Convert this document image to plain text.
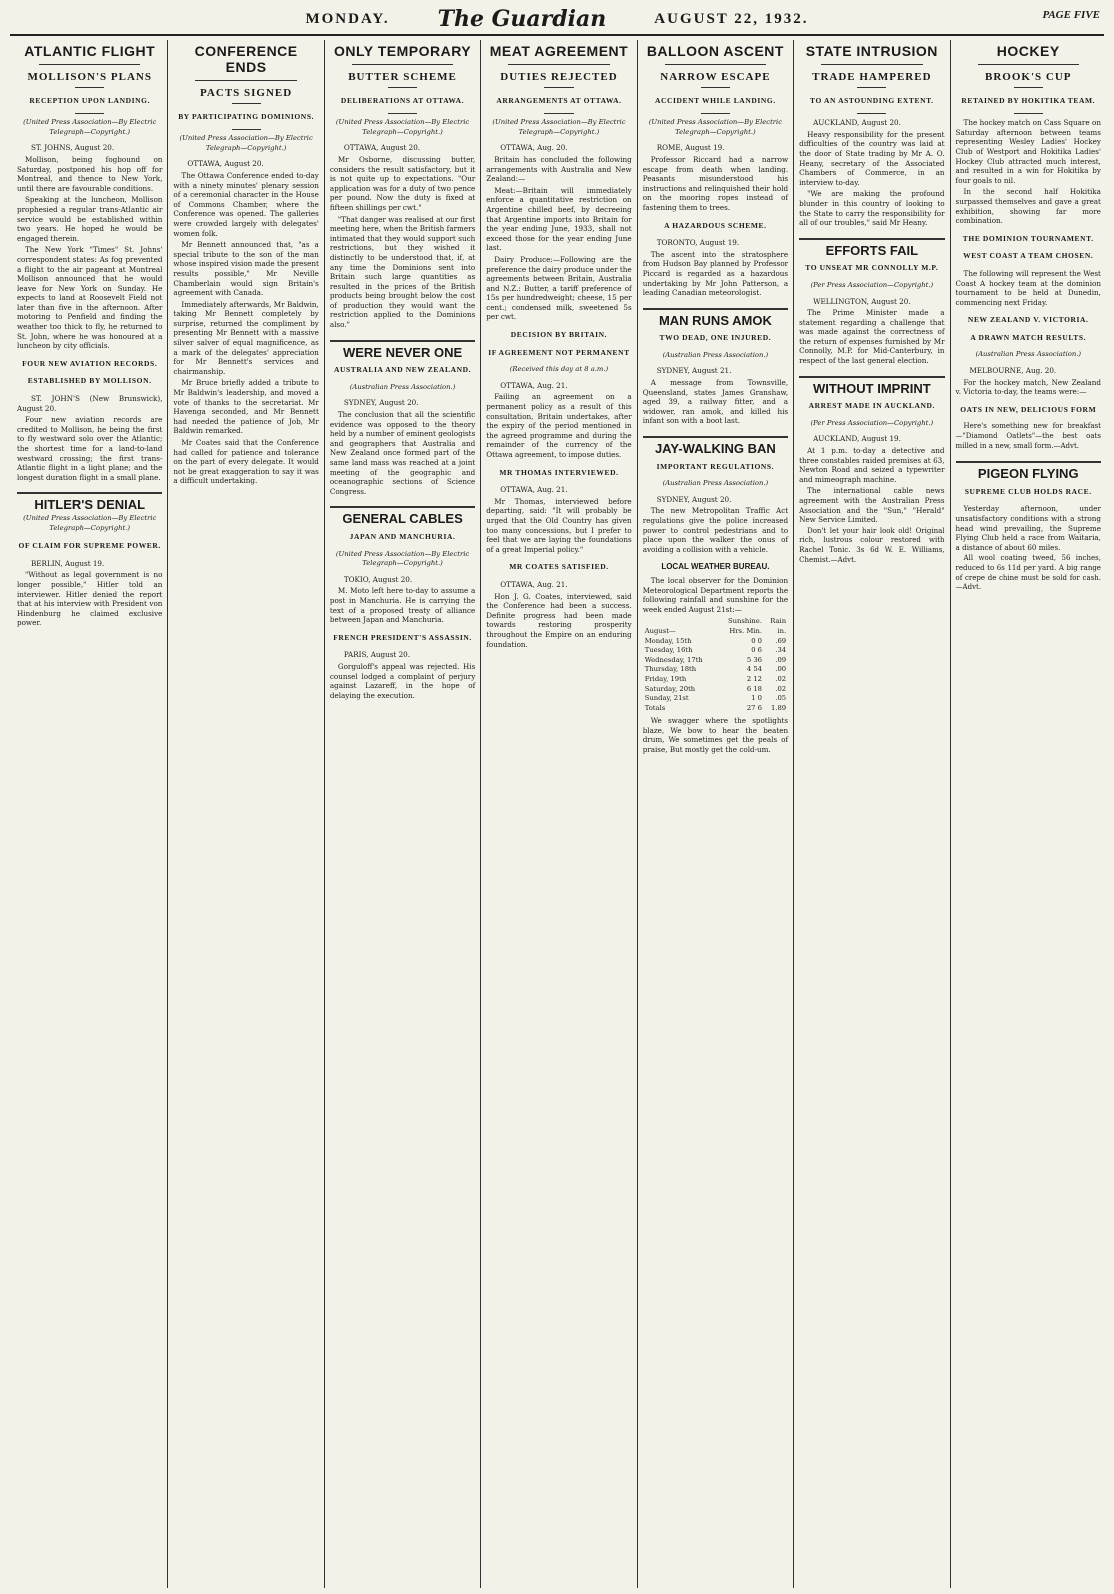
MONDAY. The Guardian	AUGUST 22, 1932.	PAGE FIVE
ATLANTIC FLIGHT
MOLLISON'S PLANS
RECEPTION UPON LANDING.
(United Press Association—By Electric Telegraph—Copyright.)

ST. JOHNS, August 20.

Mollison, being fogbound on Saturday, postponed his hop off for Montreal, and thence to New York, until there are favourable conditions.

Speaking at the luncheon, Mollison prophesied a regular trans-Atlantic air service would be established within two years. He hoped he would be engaged therein.

The New York "Times" St. Johns' correspondent states: As fog prevented a flight to the air pageant at Montreal Mollison announced that he would leave for New York on Sunday. He expects to land at Roosevelt Field not later than five in the afternoon. After motoring to Penfield and finding the weather too thick to fly, he returned to St. John, where he was honoured at a luncheon by city officials.

FOUR NEW AVIATION RECORDS.
ESTABLISHED BY MOLLISON.

ST. JOHN'S (New Brunswick), August 20.

Four new aviation records are credited to Mollison, he being the first to fly westward solo over the Atlantic; the shortest time for a land-to-land westward crossing; the first trans-Atlantic flight in a light plane; and the longest duration flight in a small plane.

HITLER'S DENIAL
(United Press Association—By Electric Telegraph—Copyright.)
OF CLAIM FOR SUPREME POWER.

BERLIN, August 19.

"Without as legal government is no longer possible," Hitler told an interviewer. Hitler denied the report that at his interview with President von Hindenburg he claimed exclusive power.

CONFERENCE ENDS
PACTS SIGNED
BY PARTICIPATING DOMINIONS.
(United Press Association—By Electric Telegraph—Copyright.)

OTTAWA, August 20.

The Ottawa Conference ended to-day with a ninety minutes' plenary session of a ceremonial character in the House of Commons Chamber, where the Conference was opened. The galleries were crowded largely with delegates' women folk.

Mr Bennett announced that, "as a special tribute to the son of the man whose inspired vision made the present results possible," Mr Neville Chamberlain would sign Britain's agreement with Canada.

Immediately afterwards, Mr Baldwin, taking Mr Bennett completely by surprise, returned the compliment by presenting Mr Bennett with a massive silver salver of equal magnificence, as a mark of the delegates' appreciation for Mr Bennett's services and chairmanship.

Mr Bruce briefly added a tribute to Mr Baldwin's leadership, and moved a vote of thanks to the secretariat. Mr Havenga seconded, and Mr Bennett had needed the patience of Job, Mr Baldwin remarked.

Mr Coates said that the Conference had called for patience and tolerance on the part of every delegate. It would not be great exaggeration to say it was a difficult undertaking.

ONLY TEMPORARY
BUTTER SCHEME
DELIBERATIONS AT OTTAWA.
(United Press Association—By Electric Telegraph—Copyright.)

OTTAWA, August 20.

Mr Osborne, discussing butter, considers the result satisfactory, but it is not quite up to expectations. "Our application was for a duty of two pence per pound. Now the duty is fixed at fifteen shillings per cwt."

"That danger was realised at our first meeting here, when the British farmers intimated that they would support such restrictions, but they wished it distinctly to be understood that, if, at any time the Dominions sent into Britain such large quantities as resulted in the prices of the British products being brought below the cost of production they would want the restriction applied to the Dominions also."

WERE NEVER ONE
AUSTRALIA AND NEW ZEALAND.
(Australian Press Association.)

SYDNEY, August 20.

The conclusion that all the scientific evidence was opposed to the theory held by a number of eminent geologists and geographers that Australia and New Zealand once formed part of the same land mass was reached at a joint meeting of the geographic and oceanographic sections of Science Congress.

GENERAL CABLES
JAPAN AND MANCHURIA.
(United Press Association—By Electric Telegraph—Copyright.)

TOKIO, August 20.

M. Moto left here to-day to assume a post in Manchuria. He is carrying the text of a proposed treaty of alliance between Japan and Manchuria.

FRENCH PRESIDENT'S ASSASSIN.

PARIS, August 20.

Gorguloff's appeal was rejected. His counsel lodged a complaint of perjury against Lazareff, in the hope of delaying the execution.

MEAT AGREEMENT
DUTIES REJECTED
ARRANGEMENTS AT OTTAWA.
(United Press Association—By Electric Telegraph—Copyright.)

OTTAWA, Aug. 20.

Britain has concluded the following arrangements with Australia and New Zealand:—

Meat:—Britain will immediately enforce a quantitative restriction on Argentine chilled beef, by decreeing that Argentine imports into Britain for the year ending June, 1933, shall not exceed those for the year ending June last.

Dairy Produce:—Following are the preference the dairy produce under the agreements between Britain, Australia and N.Z.: Butter, a tariff preference of 15s per hundredweight; cheese, 15 per cent.; condensed milk, sweetened 5s per cwt.

DECISION BY BRITAIN.
IF AGREEMENT NOT PERMANENT
(Received this day at 8 a.m.)

OTTAWA, Aug. 21.

Failing an agreement on a permanent policy as a result of this consultation, Britain undertakes, after the expiry of the period mentioned in the agreed programme and during the remainder of the currency of the Ottawa agreement, to impose duties.

MR THOMAS INTERVIEWED.

OTTAWA, Aug. 21.

Mr Thomas, interviewed before departing, said: "It will probably be urged that the Old Country has given too many concessions, but I prefer to feel that we are laying the foundations of a great Imperial policy."

MR COATES SATISFIED.

OTTAWA, Aug. 21.

Hon J. G. Coates, interviewed, said the Conference had been a success. Definite progress had been made towards restoring prosperity throughout the Empire on an enduring foundation.

BALLOON ASCENT
NARROW ESCAPE
ACCIDENT WHILE LANDING.
(United Press Association—By Electric Telegraph—Copyright.)

ROME, August 19.

Professor Riccard had a narrow escape from death when landing. Peasants misunderstood his instructions and relinquished their hold on the mooring ropes instead of fastening them to trees.

A HAZARDOUS SCHEME.

TORONTO, August 19.

The ascent into the stratosphere from Hudson Bay planned by Professor Piccard is regarded as a hazardous undertaking by Mr John Patterson, a leading Canadian meteorologist.

MAN RUNS AMOK
TWO DEAD, ONE INJURED.
(Australian Press Association.)

SYDNEY, August 21.

A message from Townsville, Queensland, states James Granshaw, aged 39, a railway fitter, and a widower, ran amok, and killed his infant son with a boot last.

JAY-WALKING BAN
IMPORTANT REGULATIONS.
(Australian Press Association.)

SYDNEY, August 20.

The new Metropolitan Traffic Act regulations give the police increased power to control pedestrians and to place upon the walker the onus of avoiding a collision with a vehicle.

LOCAL WEATHER BUREAU.

The local observer for the Dominion Meteorological Department reports the following rainfall and sunshine for the week ended August 21st:—

	Sunshine.	Rain
August—	Hrs. Min.	in.
Monday, 15th	0 0	.69
Tuesday, 16th	0 6	.34
Wednesday, 17th	5 36	.09
Thursday, 18th	4 54	.00
Friday, 19th	2 12	.02
Saturday, 20th	6 18	.02
Sunday, 21st	1 0	.05
Totals	27 6	1.89

We swagger where the spotlights blaze, We bow to hear the beaten drum, We sometimes get the peals of praise, But mostly get the cold-um.

STATE INTRUSION
TRADE HAMPERED
TO AN ASTOUNDING EXTENT.

AUCKLAND, August 20.

Heavy responsibility for the present difficulties of the country was laid at the door of State trading by Mr A. O. Heany, secretary of the Associated Chambers of Commerce, in an interview to-day.

"We are making the profound blunder in this country of looking to the State to carry the responsibility for all of our troubles," said Mr Heany.

EFFORTS FAIL
TO UNSEAT MR CONNOLLY M.P.
(Per Press Association—Copyright.)

WELLINGTON, August 20.

The Prime Minister made a statement regarding a challenge that was made against the correctness of the return of expenses furnished by Mr Connolly, M.P. for Mid-Canterbury, in respect of the last general election.

WITHOUT IMPRINT
ARREST MADE IN AUCKLAND.
(Per Press Association—Copyright.)

AUCKLAND, August 19.

At 1 p.m. to-day a detective and three constables raided premises at 63, Newton Road and seized a typewriter and mimeograph machine.

The international cable news agreement with the Australian Press Association and the "Sun," "Herald" New Service Limited.

Don't let your hair look old! Original rich, lustrous colour restored with Rachel Tonic. 3s 6d W. E. Williams, Chemist.—Advt.

HOCKEY
BROOK'S CUP
RETAINED BY HOKITIKA TEAM.

The hockey match on Cass Square on Saturday afternoon between teams representing Wesley Ladies' Hockey Club of Westport and Hokitika Ladies' Hockey Club attracted much interest, and resulted in a win for Hokitika by four goals to nil.

In the second half Hokitika surpassed themselves and gave a great exhibition, showing far more combination.

THE DOMINION TOURNAMENT.
WEST COAST A TEAM CHOSEN.

The following will represent the West Coast A hockey team at the dominion tournament to be held at Dunedin, commencing next Friday.

NEW ZEALAND V. VICTORIA.
A DRAWN MATCH RESULTS.
(Australian Press Association.)

MELBOURNE, Aug. 20.

For the hockey match, New Zealand v. Victoria to-day, the teams were:—

OATS IN NEW, DELICIOUS FORM

Here's something new for breakfast —"Diamond Oatlets"—the best oats milled in a new, small form.—Advt.

PIGEON FLYING
SUPREME CLUB HOLDS RACE.

Yesterday afternoon, under unsatisfactory conditions with a strong head wind prevailing, the Supreme Flying Club held a race from Waitaria, a distance of about 60 miles.

All wool coating tweed, 56 inches, reduced to 6s 11d per yard. A big range of crepe de chine must be sold for cash.—Advt.
